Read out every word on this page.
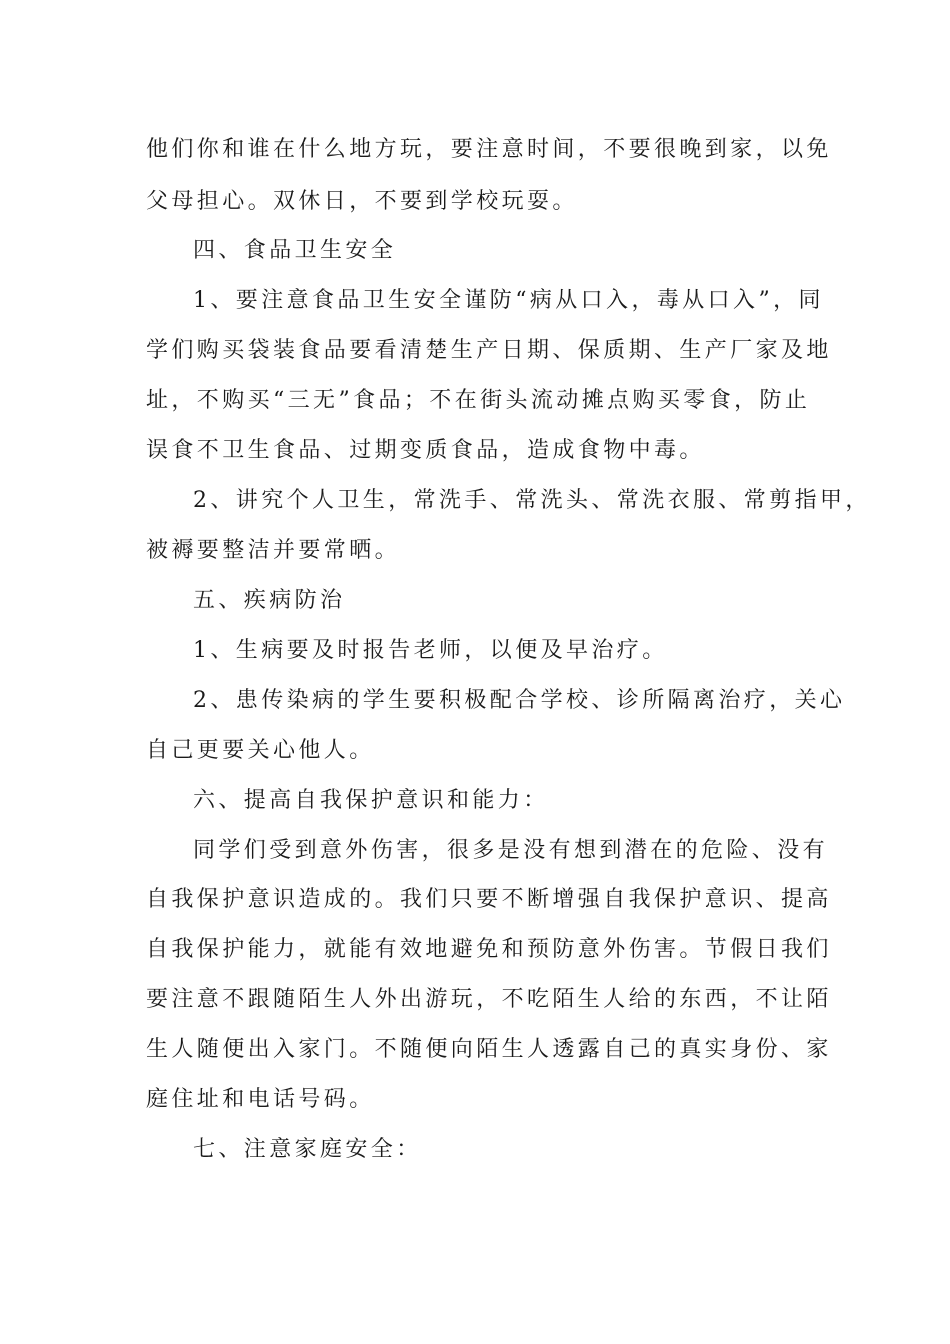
他们你和谁在什么地方玩，要注意时间，不要很晚到家，以免

父母担心。双休日，不要到学校玩耍。

四、食品卫生安全

1、要注意食品卫生安全谨防“病从口入，毒从口入”，同

学们购买袋装食品要看清楚生产日期、保质期、生产厂家及地

址，不购买“三无”食品；不在街头流动摊点购买零食，防止

误食不卫生食品、过期变质食品，造成食物中毒。

2、讲究个人卫生，常洗手、常洗头、常洗衣服、常剪指甲，

被褥要整洁并要常晒。

五、疾病防治

1、生病要及时报告老师，以便及早治疗。

2、患传染病的学生要积极配合学校、诊所隔离治疗，关心

自己更要关心他人。

六、提高自我保护意识和能力：

同学们受到意外伤害，很多是没有想到潜在的危险、没有

自我保护意识造成的。我们只要不断增强自我保护意识、提高

自我保护能力，就能有效地避免和预防意外伤害。节假日我们

要注意不跟随陌生人外出游玩，不吃陌生人给的东西，不让陌

生人随便出入家门。不随便向陌生人透露自己的真实身份、家

庭住址和电话号码。

七、注意家庭安全：
